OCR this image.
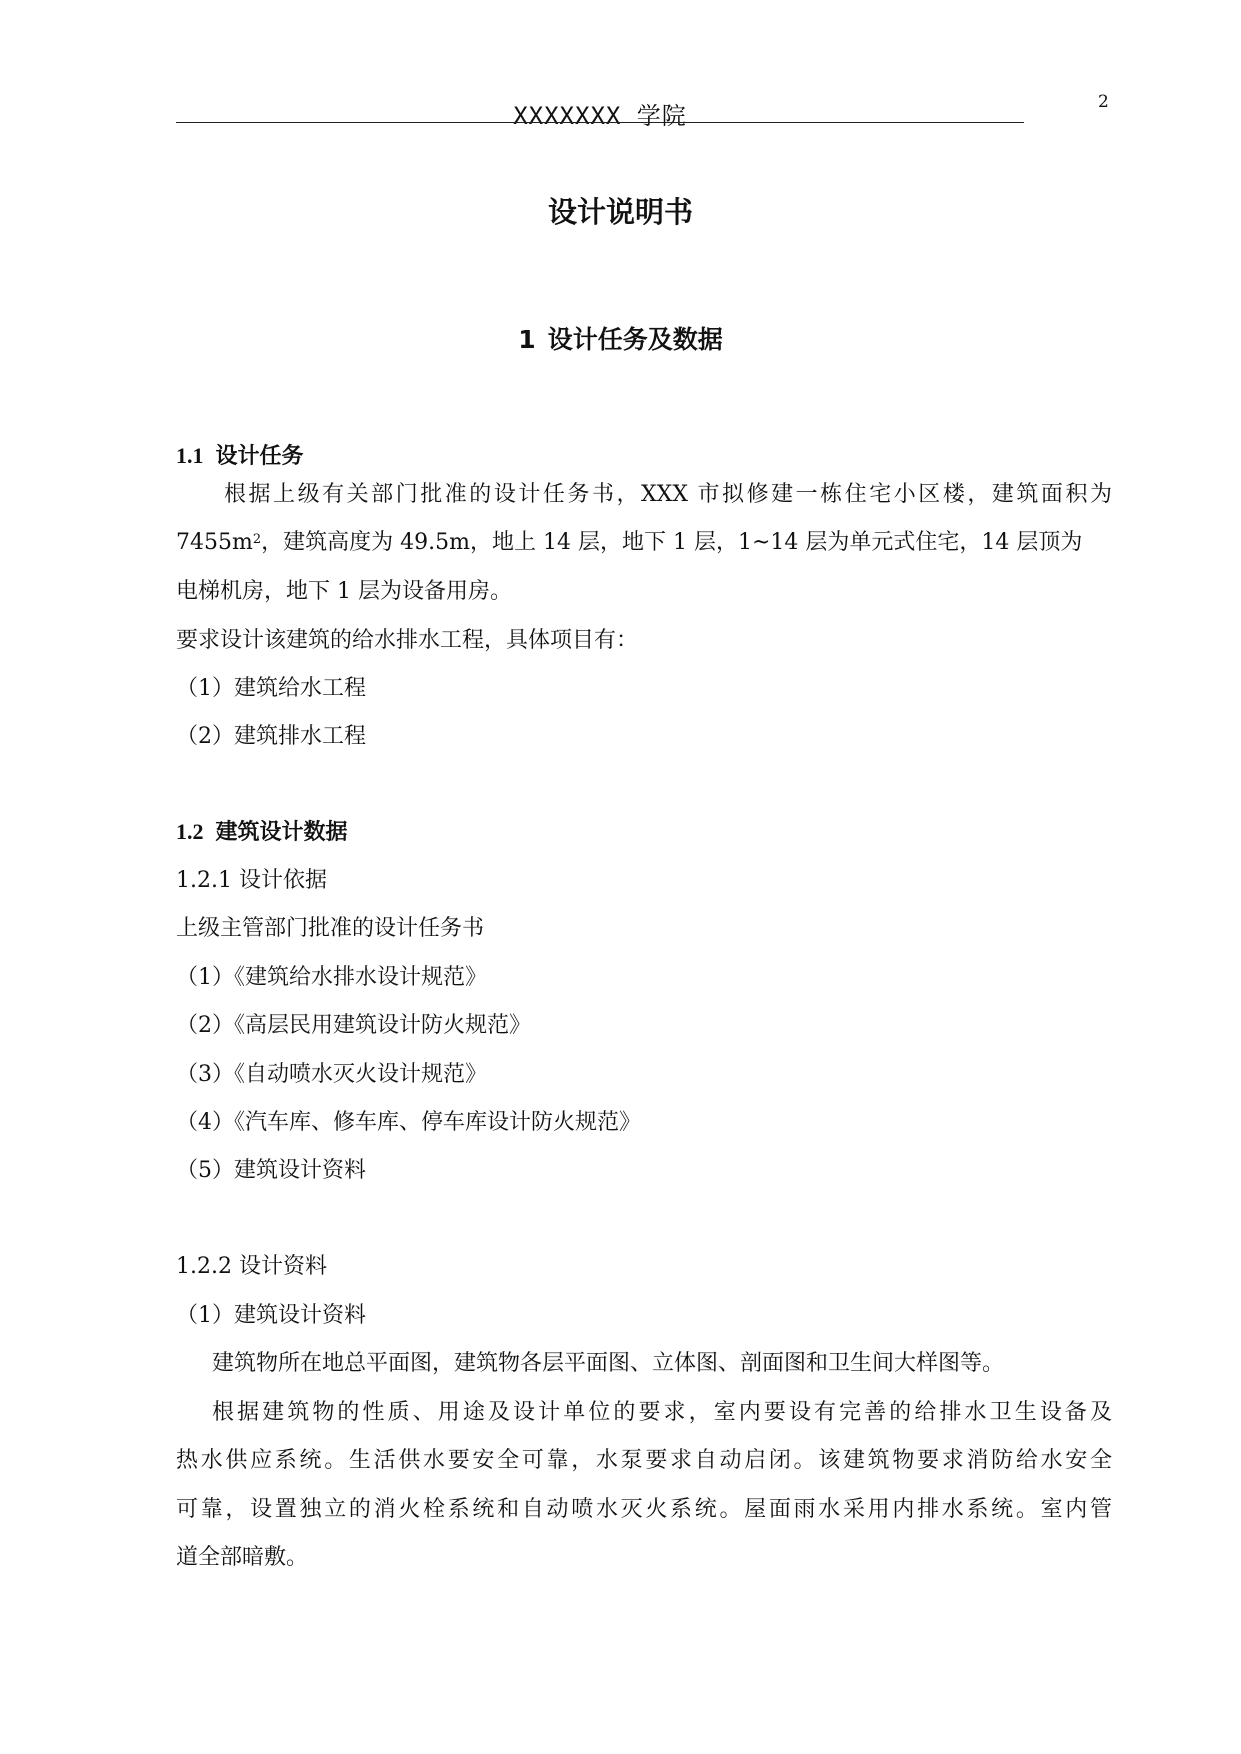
XXXXXXX 学院	2
设计说明书
1 设计任务及数据
1.1 设计任务
根据上级有关部门批准的设计任务书，XXX 市拟修建一栋住宅小区楼，建筑面积为
$7455m^2$，建筑高度为 49.5m，地上 14 层，地下 1 层，1~14 层为单元式住宅，14 层顶为
电梯机房，地下 1 层为设备用房。
要求设计该建筑的给水排水工程，具体项目有：
（1）建筑给水工程
（2）建筑排水工程
1.2 建筑设计数据
1.2.1 设计依据
上级主管部门批准的设计任务书
（1）《建筑给水排水设计规范》
（2）《高层民用建筑设计防火规范》
（3）《自动喷水灭火设计规范》
（4）《汽车库、修车库、停车库设计防火规范》
（5）建筑设计资料
1.2.2 设计资料
（1）建筑设计资料
建筑物所在地总平面图，建筑物各层平面图、立体图、剖面图和卫生间大样图等。
根据建筑物的性质、用途及设计单位的要求，室内要设有完善的给排水卫生设备及
热水供应系统。生活供水要安全可靠，水泵要求自动启闭。该建筑物要求消防给水安全
可靠，设置独立的消火栓系统和自动喷水灭火系统。屋面雨水采用内排水系统。室内管
道全部暗敷。
